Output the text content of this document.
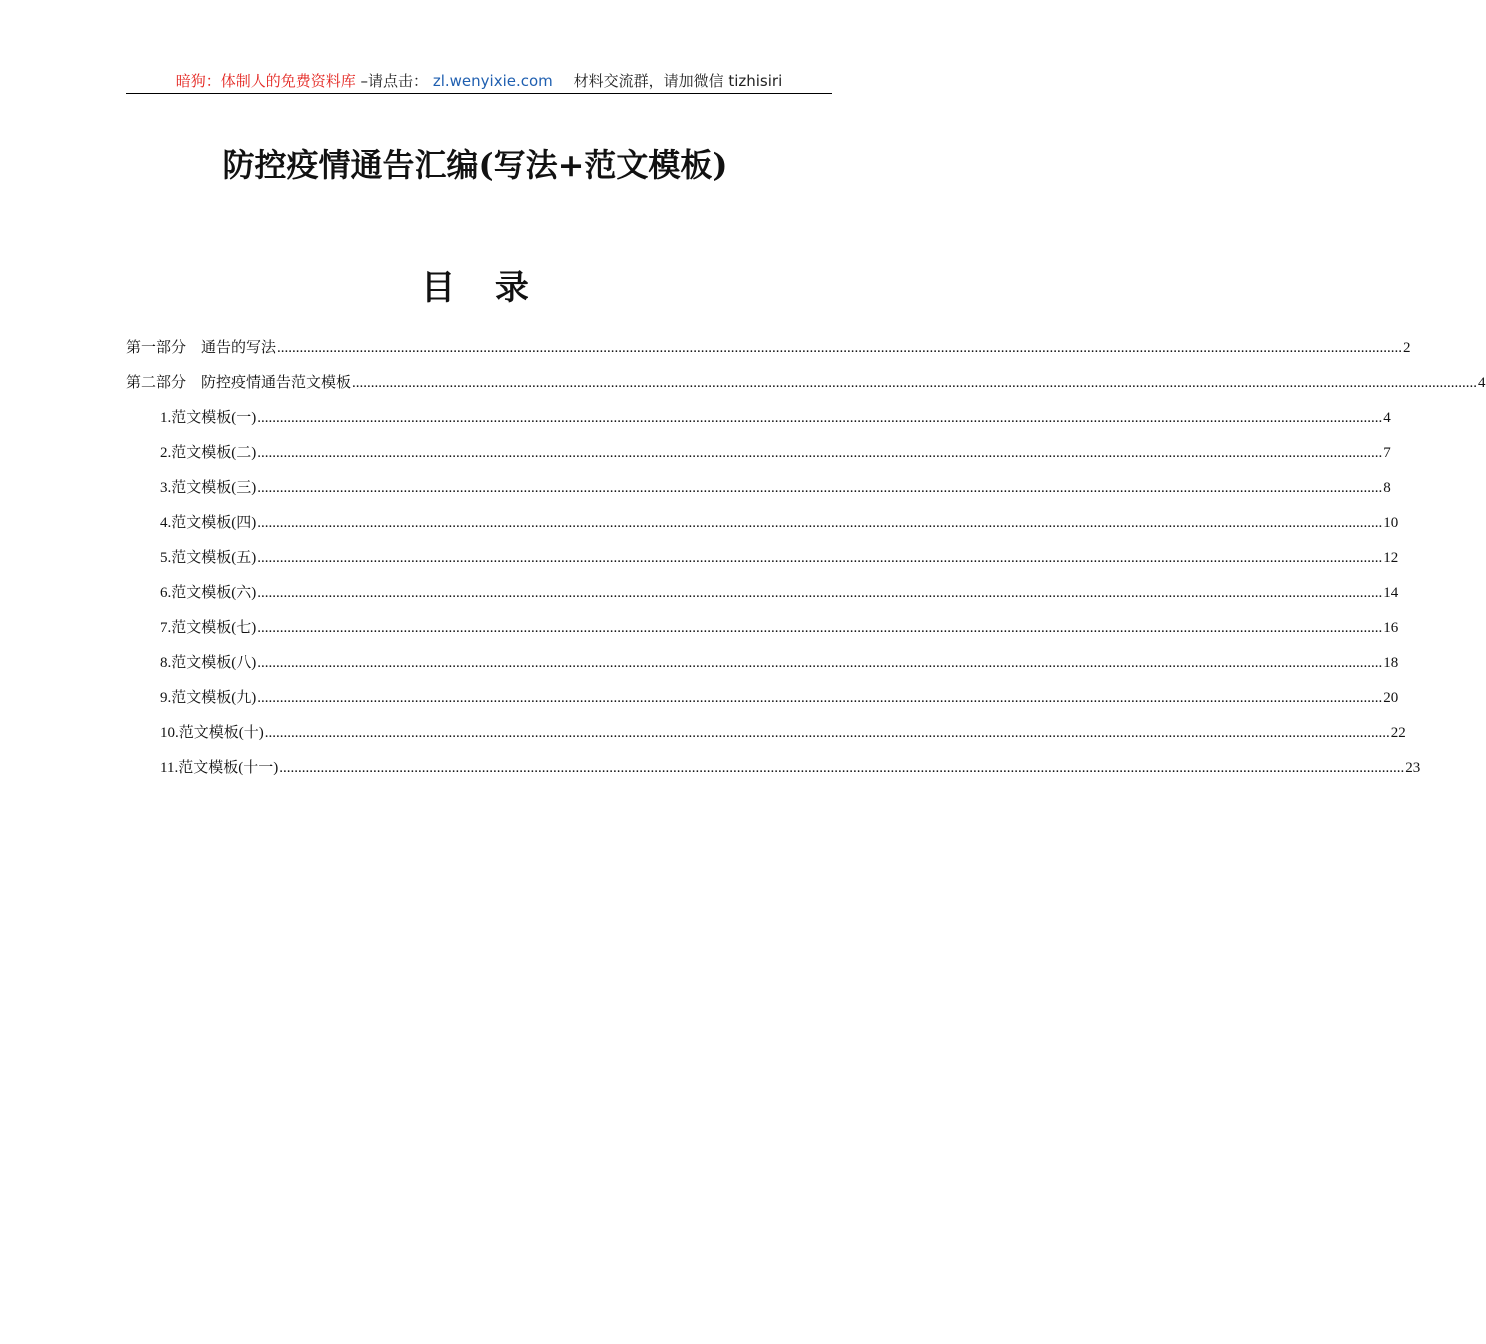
暗狗：体制人的免费资料库 –请点击： zl.wenyixie.com 材料交流群，请加微信 tizhisiri
防控疫情通告汇编(写法+范文模板)
目 录
第一部分　通告的写法 ............................................................................................................................................................................................................................................................................................................ 2
第二部分　防控疫情通告范文模板 ............................................................................................................................................................................................................................................................................................................ 4
1.范文模板(一) ............................................................................................................................................................................................................................................................................................................ 4
2.范文模板(二) ............................................................................................................................................................................................................................................................................................................ 7
3.范文模板(三) ............................................................................................................................................................................................................................................................................................................ 8
4.范文模板(四) ............................................................................................................................................................................................................................................................................................................ 10
5.范文模板(五) ............................................................................................................................................................................................................................................................................................................ 12
6.范文模板(六) ............................................................................................................................................................................................................................................................................................................ 14
7.范文模板(七) ............................................................................................................................................................................................................................................................................................................ 16
8.范文模板(八) ............................................................................................................................................................................................................................................................................................................ 18
9.范文模板(九) ............................................................................................................................................................................................................................................................................................................ 20
10.范文模板(十) ............................................................................................................................................................................................................................................................................................................ 22
11.范文模板(十一) ............................................................................................................................................................................................................................................................................................................ 23
